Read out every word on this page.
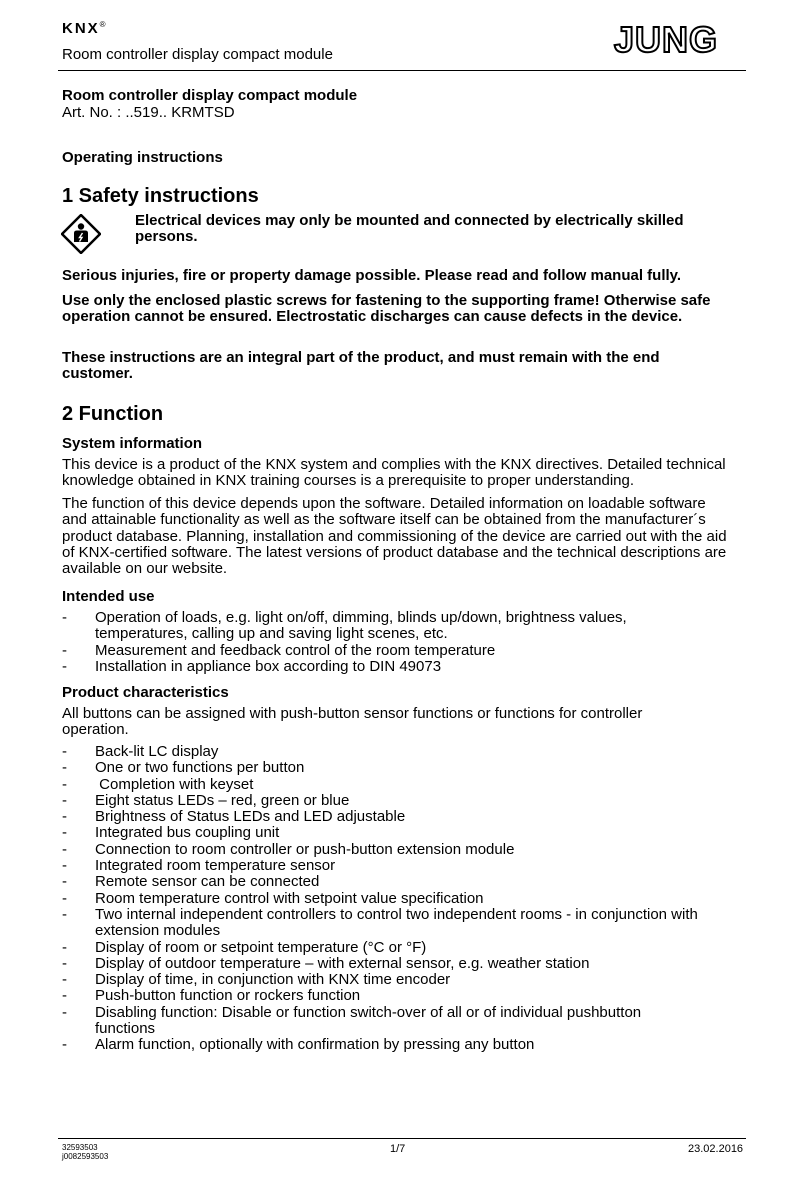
KNX®
Room controller display compact module	JUNG
Room controller display compact module
Art. No. : ..519.. KRMTSD
Operating instructions
1 Safety instructions
Electrical devices may only be mounted and connected by electrically skilled persons.
Serious injuries, fire or property damage possible. Please read and follow manual fully.
Use only the enclosed plastic screws for fastening to the supporting frame! Otherwise safe operation cannot be ensured. Electrostatic discharges can cause defects in the device.
These instructions are an integral part of the product, and must remain with the end customer.
2 Function
System information
This device is a product of the KNX system and complies with the KNX directives. Detailed technical knowledge obtained in KNX training courses is a prerequisite to proper understanding.
The function of this device depends upon the software. Detailed information on loadable software and attainable functionality as well as the software itself can be obtained from the manufacturer´s product database. Planning, installation and commissioning of the device are carried out with the aid of KNX-certified software. The latest versions of product database and the technical descriptions are available on our website.
Intended use
- Operation of loads, e.g. light on/off, dimming, blinds up/down, brightness values, temperatures, calling up and saving light scenes, etc.
- Measurement and feedback control of the room temperature
- Installation in appliance box according to DIN 49073
Product characteristics
All buttons can be assigned with push-button sensor functions or functions for controller operation.
- Back-lit LC display
- One or two functions per button
-  Completion with keyset
- Eight status LEDs – red, green or blue
- Brightness of Status LEDs and LED adjustable
- Integrated bus coupling unit
- Connection to room controller or push-button extension module
- Integrated room temperature sensor
- Remote sensor can be connected
- Room temperature control with setpoint value specification
- Two internal independent controllers to control two independent rooms - in conjunction with extension modules
- Display of room or setpoint temperature (°C or °F)
- Display of outdoor temperature – with external sensor, e.g. weather station
- Display of time, in conjunction with KNX time encoder
- Push-button function or rockers function
- Disabling function: Disable or function switch-over of all or of individual pushbutton functions
- Alarm function, optionally with confirmation by pressing any button
32593503
j0082593503
1/7	23.02.2016
